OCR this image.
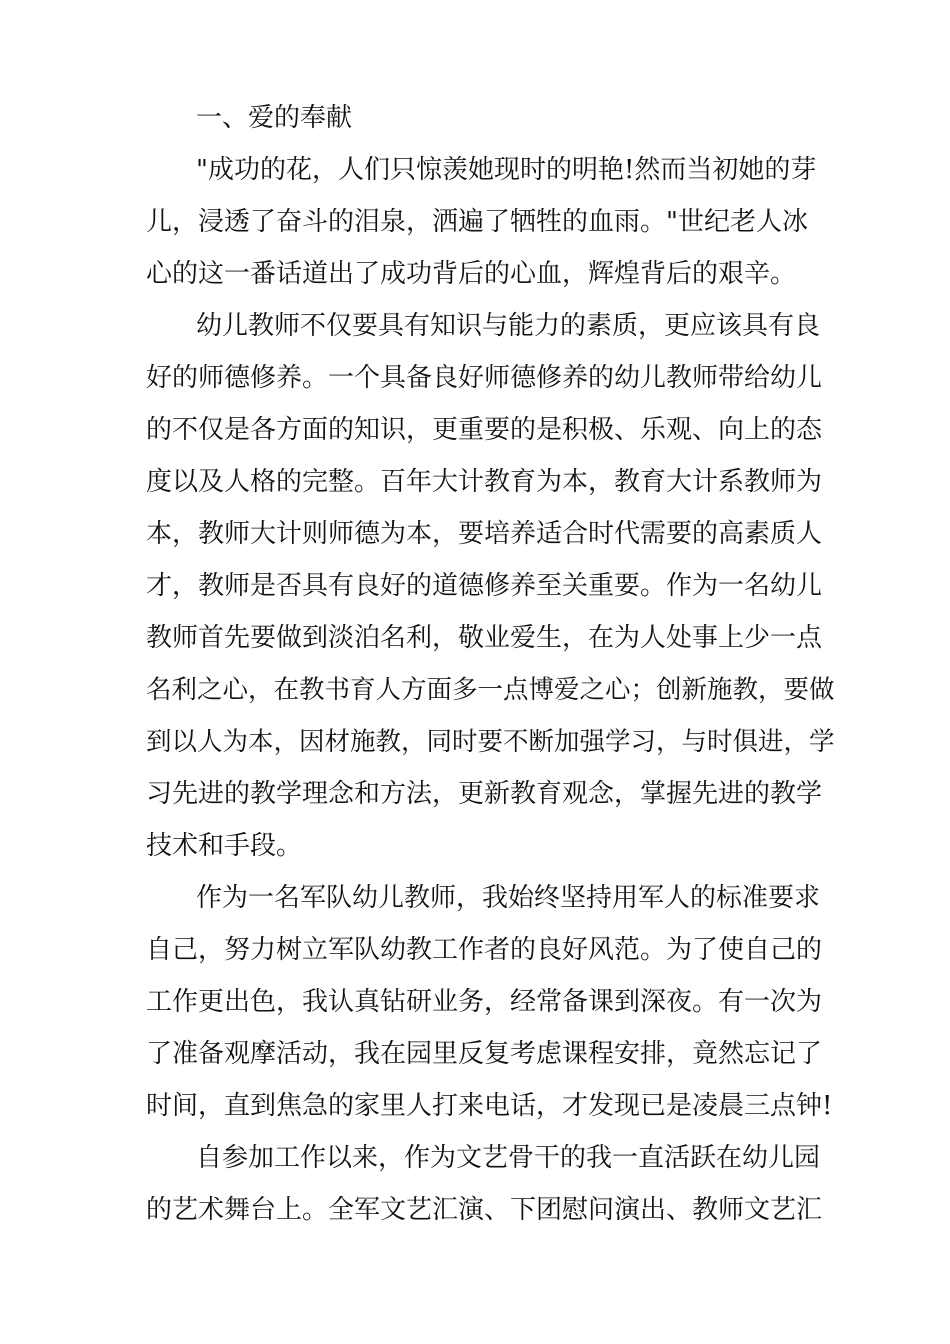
一、爱的奉献
"成功的花，人们只惊羡她现时的明艳!然而当初她的芽
儿，浸透了奋斗的泪泉，洒遍了牺牲的血雨。"世纪老人冰
心的这一番话道出了成功背后的心血，辉煌背后的艰辛。
幼儿教师不仅要具有知识与能力的素质，更应该具有良
好的师德修养。一个具备良好师德修养的幼儿教师带给幼儿
的不仅是各方面的知识，更重要的是积极、乐观、向上的态
度以及人格的完整。百年大计教育为本，教育大计系教师为
本，教师大计则师德为本，要培养适合时代需要的高素质人
才，教师是否具有良好的道德修养至关重要。作为一名幼儿
教师首先要做到淡泊名利，敬业爱生，在为人处事上少一点
名利之心，在教书育人方面多一点博爱之心；创新施教，要做
到以人为本，因材施教，同时要不断加强学习，与时俱进，学
习先进的教学理念和方法，更新教育观念，掌握先进的教学
技术和手段。
作为一名军队幼儿教师，我始终坚持用军人的标准要求
自己，努力树立军队幼教工作者的良好风范。为了使自己的
工作更出色，我认真钻研业务，经常备课到深夜。有一次为
了准备观摩活动，我在园里反复考虑课程安排，竟然忘记了
时间，直到焦急的家里人打来电话，才发现已是凌晨三点钟!
自参加工作以来，作为文艺骨干的我一直活跃在幼儿园
的艺术舞台上。全军文艺汇演、下团慰问演出、教师文艺汇
